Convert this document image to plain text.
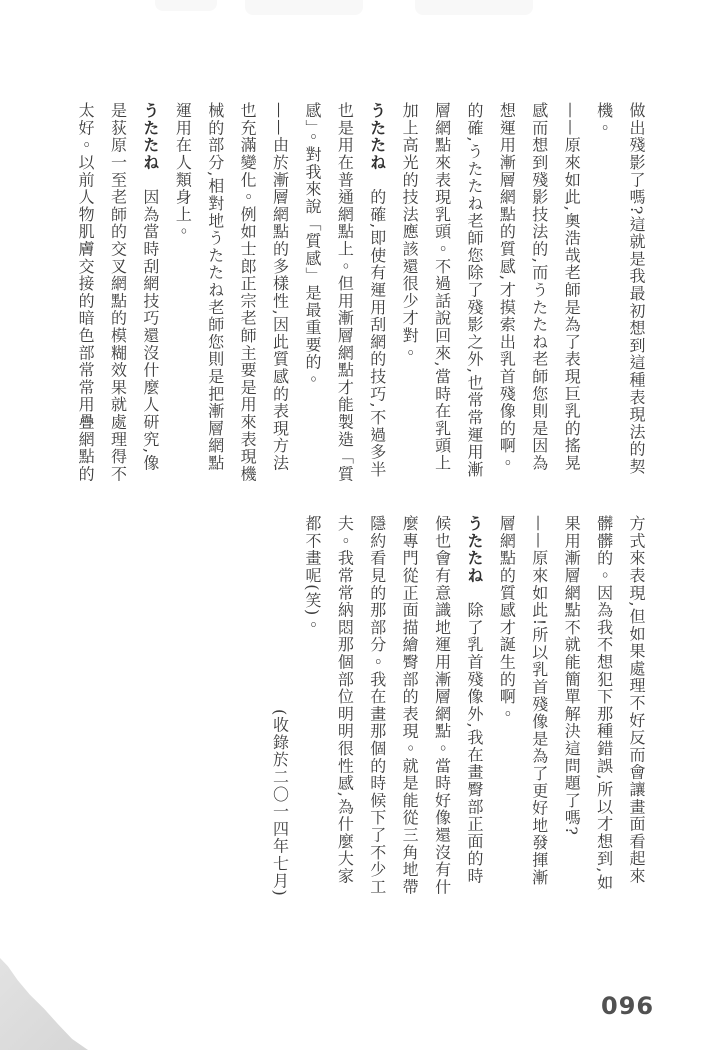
做出殘影了嗎?這就是我最初想到這種表現法的契機。

——原來如此,奧浩哉老師是為了表現巨乳的搖晃感而想到殘影技法的,而うたたね老師您則是因為想運用漸層網點的質感,才摸索出乳首殘像的啊。的確,うたたね老師您除了殘影之外,也常常運用漸層網點來表現乳頭。不過話說回來,當時在乳頭上加上高光的技法應該還很少才對。

うたたね　的確,即使有運用刮網的技巧,不過多半也是用在普通網點上。但用漸層網點才能製造「質感」。對我來說「質感」是最重要的。

——由於漸層網點的多樣性,因此質感的表現方法也充滿變化。例如士郎正宗老師主要是用來表現機械的部分,相對地うたたね老師您則是把漸層網點運用在人類身上。

うたたね　因為當時刮網技巧還沒什麼人研究,像是荻原一至老師的交叉網點的模糊效果就處理得不太好。以前人物肌膚交接的暗色部常常用疊網點的

方式來表現,但如果處理不好反而會讓畫面看起來髒髒的。因為我不想犯下那種錯誤,所以才想到,如果用漸層網點不就能簡單解決這問題了嗎?

——原來如此!所以乳首殘像是為了更好地發揮漸層網點的質感才誕生的啊。

うたたね　除了乳首殘像外,我在畫臀部正面的時候也會有意識地運用漸層網點。當時好像還沒有什麼專門從正面描繪臀部的表現。就是能從三角地帶隱約看見的那部分。我在畫那個的時候下了不少工夫。我常常納悶那個部位明明很性感,為什麼大家都不畫呢(笑)。

(收錄於二〇一四年七月)

096
